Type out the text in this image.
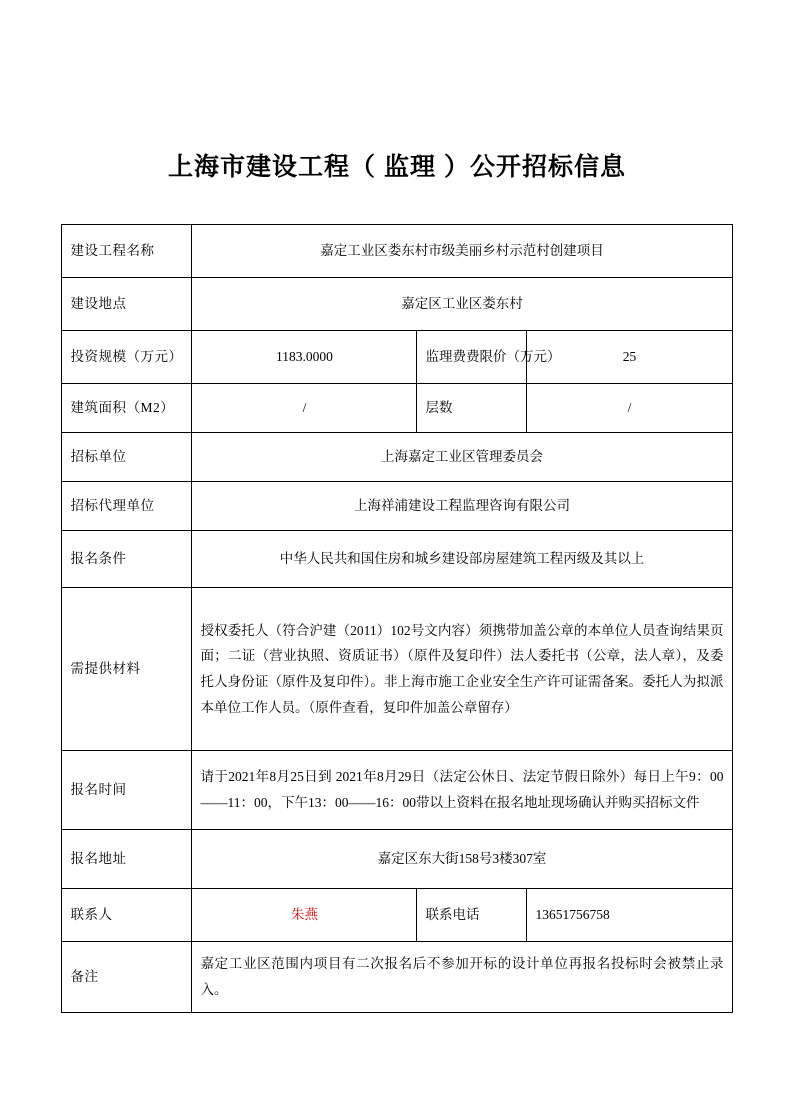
上海市建设工程（ 监理 ）公开招标信息
建设工程名称	嘉定工业区娄东村市级美丽乡村示范村创建项目		
建设地点	嘉定区工业区娄东村		
投资规模（万元）	1183.0000	监理费费限价（万元）	25
建筑面积（M2）	/	层数	/
招标单位	上海嘉定工业区管理委员会		
招标代理单位	上海祥浦建设工程监理咨询有限公司		
报名条件	中华人民共和国住房和城乡建设部房屋建筑工程丙级及其以上		
需提供材料	授权委托人（符合沪建（2011）102号文内容）须携带加盖公章的本单位人员查询结果页面；二证（营业执照、资质证书）（原件及复印件）法人委托书（公章，法人章），及委托人身份证（原件及复印件）。非上海市施工企业安全生产许可证需备案。委托人为拟派本单位工作人员。（原件查看，复印件加盖公章留存）		
报名时间	请于2021年8月25日到 2021年8月29日（法定公休日、法定节假日除外）每日上午9：00——11：00，下午13：00——16：00带以上资料在报名地址现场确认并购买招标文件		
报名地址	嘉定区东大街158号3楼307室		
联系人	朱燕	联系电话	13651756758
备注	嘉定工业区范围内项目有二次报名后不参加开标的设计单位再报名投标时会被禁止录入。		
